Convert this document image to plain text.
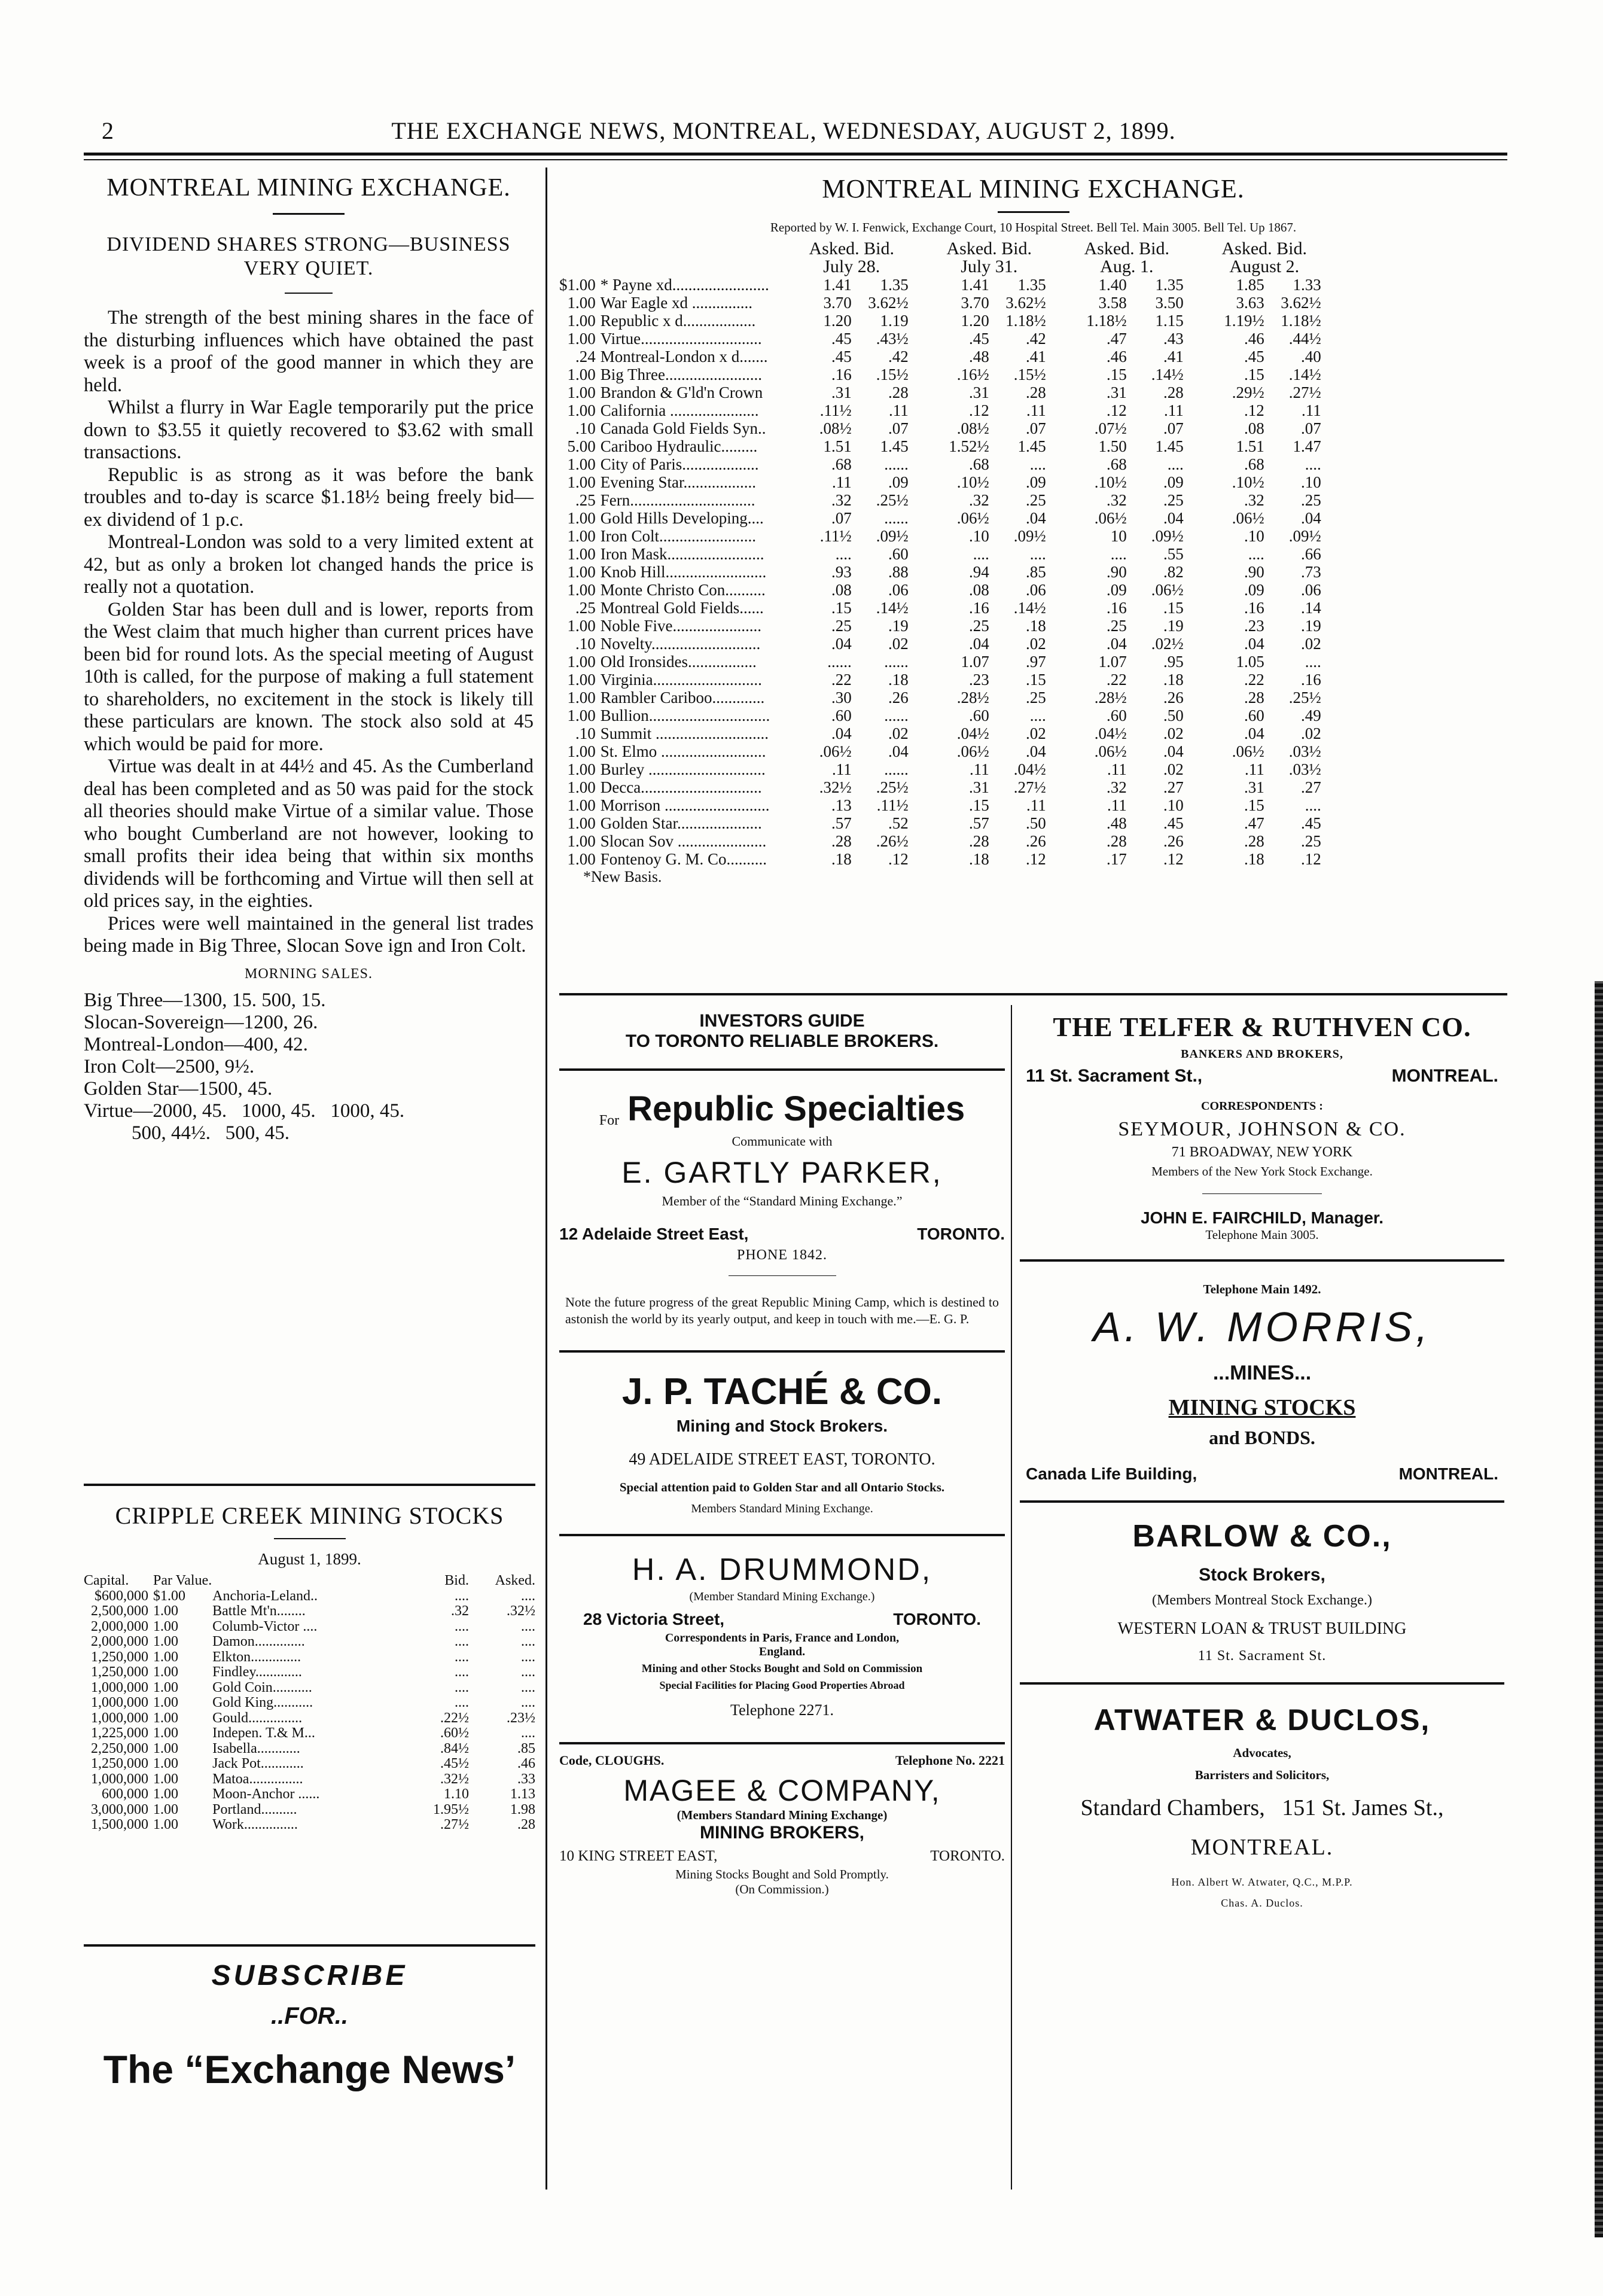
2	THE EXCHANGE NEWS, MONTREAL, WEDNESDAY, AUGUST 2, 1899.
MONTREAL MINING EXCHANGE.
DIVIDEND SHARES STRONG—BUSINESS VERY QUIET.

The strength of the best mining shares in the face of the disturbing influences which have obtained the past week is a proof of the good manner in which they are held.

Whilst a flurry in War Eagle temporarily put the price down to $3.55 it quietly recovered to $3.62 with small transactions.

Republic is as strong as it was before the bank troubles and to-day is scarce $1.18½ being freely bid—ex dividend of 1 p.c.

Montreal-London was sold to a very limited extent at 42, but as only a broken lot changed hands the price is really not a quotation.

Golden Star has been dull and is lower, reports from the West claim that much higher than current prices have been bid for round lots. As the special meeting of August 10th is called, for the purpose of making a full statement to shareholders, no excitement in the stock is likely till these particulars are known. The stock also sold at 45 which would be paid for more.

Virtue was dealt in at 44½ and 45. As the Cumberland deal has been completed and as 50 was paid for the stock all theories should make Virtue of a similar value. Those who bought Cumberland are not however, looking to small profits their idea being that within six months dividends will be forthcoming and Virtue will then sell at old prices say, in the eighties.

Prices were well maintained in the general list trades being made in Big Three, Slocan Sove ign and Iron Colt.

MORNING SALES.
Big Three—1300, 15. 500, 15.
Slocan-Sovereign—1200, 26.
Montreal-London—400, 42.
Iron Colt—2500, 9½.
Golden Star—1500, 45.
Virtue—2000, 45.   1000, 45.   1000, 45.
500, 44½.   500, 45.
CRIPPLE CREEK MINING STOCKS
August 1, 1899.
Capital.	Par Value.		Bid.	Asked.
$600,000	$1.00	Anchoria-Leland..	....	....
2,500,000	1.00	Battle Mt'n........	.32	.32½
2,000,000	1.00	Columb-Victor ....	....	....
2,000,000	1.00	Damon..............	....	....
1,250,000	1.00	Elkton..............	....	....
1,250,000	1.00	Findley.............	....	....
1,000,000	1.00	Gold Coin...........	....	....
1,000,000	1.00	Gold King...........	....	....
1,000,000	1.00	Gould...............	.22½	.23½
1,225,000	1.00	Indepen. T.& M...	.60½	....
2,250,000	1.00	Isabella............	.84½	.85
1,250,000	1.00	Jack Pot............	.45½	.46
1,000,000	1.00	Matoa...............	.32½	.33
600,000	1.00	Moon-Anchor ......	1.10	1.13
3,000,000	1.00	Portland..........	1.95½	1.98
1,500,000	1.00	Work...............	.27½	.28
SUBSCRIBE
..FOR..
The “Exchange News’
MONTREAL MINING EXCHANGE.
Reported by W. I. Fenwick, Exchange Court, 10 Hospital Street. Bell Tel. Main 3005. Bell Tel. Up 1867.
		Asked. Bid.			Asked. Bid.			Asked. Bid.			Asked. Bid.	
		July 28.			July 31.			Aug. 1.			August 2.	
$1.00	* Payne xd........................	1.41	1.35		1.41	1.35		1.40	1.35		1.85	1.33
1.00	War Eagle xd ...............	3.70	3.62½		3.70	3.62½		3.58	3.50		3.63	3.62½
1.00	Republic x d..................	1.20	1.19		1.20	1.18½		1.18½	1.15		1.19½	1.18½
1.00	Virtue..............................	.45	.43½		.45	.42		.47	.43		.46	.44½
.24	Montreal-London x d.......	.45	.42		.48	.41		.46	.41		.45	.40
1.00	Big Three........................	.16	.15½		.16½	.15½		.15	.14½		.15	.14½
1.00	Brandon & G'ld'n Crown	.31	.28		.31	.28		.31	.28		.29½	.27½
1.00	California ......................	.11½	.11		.12	.11		.12	.11		.12	.11
.10	Canada Gold Fields Syn..	.08½	.07		.08½	.07		.07½	.07		.08	.07
5.00	Cariboo Hydraulic.........	1.51	1.45		1.52½	1.45		1.50	1.45		1.51	1.47
1.00	City of Paris...................	.68	......		.68	....		.68	....		.68	....
1.00	Evening Star..................	.11	.09		.10½	.09		.10½	.09		.10½	.10
.25	Fern...............................	.32	.25½		.32	.25		.32	.25		.32	.25
1.00	Gold Hills Developing....	.07	......		.06½	.04		.06½	.04		.06½	.04
1.00	Iron Colt........................	.11½	.09½		.10	.09½		10	.09½		.10	.09½
1.00	Iron Mask........................	....	.60		....	....		....	.55		....	.66
1.00	Knob Hill.........................	.93	.88		.94	.85		.90	.82		.90	.73
1.00	Monte Christo Con..........	.08	.06		.08	.06		.09	.06½		.09	.06
.25	Montreal Gold Fields......	.15	.14½		.16	.14½		.16	.15		.16	.14
1.00	Noble Five......................	.25	.19		.25	.18		.25	.19		.23	.19
.10	Novelty...........................	.04	.02		.04	.02		.04	.02½		.04	.02
1.00	Old Ironsides.................	......	......		1.07	.97		1.07	.95		1.05	....
1.00	Virginia...........................	.22	.18		.23	.15		.22	.18		.22	.16
1.00	Rambler Cariboo.............	.30	.26		.28½	.25		.28½	.26		.28	.25½
1.00	Bullion..............................	.60	......		.60	....		.60	.50		.60	.49
.10	Summit ............................	.04	.02		.04½	.02		.04½	.02		.04	.02
1.00	St. Elmo ..........................	.06½	.04		.06½	.04		.06½	.04		.06½	.03½
1.00	Burley .............................	.11	......		.11	.04½		.11	.02		.11	.03½
1.00	Decca..............................	.32½	.25½		.31	.27½		.32	.27		.31	.27
1.00	Morrison ..........................	.13	.11½		.15	.11		.11	.10		.15	....
1.00	Golden Star.....................	.57	.52		.57	.50		.48	.45		.47	.45
1.00	Slocan Sov ......................	.28	.26½		.28	.26		.28	.26		.28	.25
1.00	Fontenoy G. M. Co..........	.18	.12		.18	.12		.17	.12		.18	.12
*New Basis.
INVESTORS GUIDE
TO TORONTO RELIABLE BROKERS.
For Republic Specialties
Communicate with
E. GARTLY PARKER,
Member of the “Standard Mining Exchange.”
12 Adelaide Street East,	TORONTO.
PHONE 1842.
Note the future progress of the great Republic Mining Camp, which is destined to astonish the world by its yearly output, and keep in touch with me.—E. G. P.
J. P. TACHÉ & CO.
Mining and Stock Brokers.
49 ADELAIDE STREET EAST, TORONTO.
Special attention paid to Golden Star and all Ontario Stocks.
Members Standard Mining Exchange.
H. A. DRUMMOND,
(Member Standard Mining Exchange.)
28 Victoria Street,	TORONTO.
Correspondents in Paris, France and London, England.
Mining and other Stocks Bought and Sold on Commission
Special Facilities for Placing Good Properties Abroad
Telephone 2271.
Code, CLOUGHS.	Telephone No. 2221
MAGEE & COMPANY,
(Members Standard Mining Exchange)
MINING BROKERS,
10 KING STREET EAST,	TORONTO.
Mining Stocks Bought and Sold Promptly.
(On Commission.)
THE TELFER & RUTHVEN CO.
BANKERS AND BROKERS,
11 St. Sacrament St.,	MONTREAL.
CORRESPONDENTS :
SEYMOUR, JOHNSON & CO.
71 BROADWAY, NEW YORK
Members of the New York Stock Exchange.
JOHN E. FAIRCHILD, Manager.
Telephone Main 3005.
Telephone Main 1492.
A. W. MORRIS,
...MINES...
MINING STOCKS
and BONDS.
Canada Life Building,	MONTREAL.
BARLOW & CO.,
Stock Brokers,
(Members Montreal Stock Exchange.)
WESTERN LOAN & TRUST BUILDING
11 St. Sacrament St.
ATWATER & DUCLOS,
Advocates,
Barristers and Solicitors,
Standard Chambers,   151 St. James St.,
MONTREAL.
Hon. Albert W. Atwater, Q.C., M.P.P.
Chas. A. Duclos.
